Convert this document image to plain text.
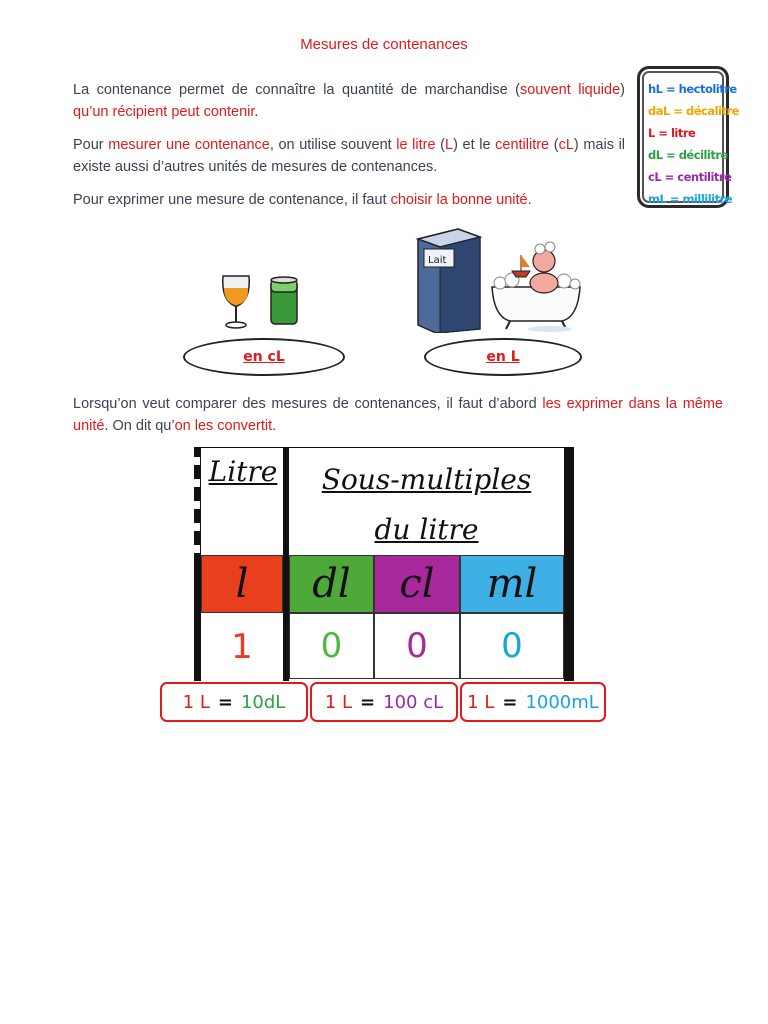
Mesures de contenances

La contenance permet de connaître la quantité de marchandise (souvent liquide) qu’un récipient peut contenir.

Pour mesurer une contenance, on utilise souvent le litre (L) et le centilitre (cL) mais il existe aussi d’autres unités de mesures de contenances.

Pour exprimer une mesure de contenance, il faut choisir la bonne unité.

hL = hectolitre
daL = décalitre
L = litre
dL = décilitre
cL = centilitre
mL = millilitre
en cL
Lait
en L

Lorsqu’on veut comparer des mesures de contenances, il faut d’abord les exprimer dans la même unité. On dit qu’on les convertit.

Litre	Sous-multiples du litre
l	dl	cl	ml
1	0	0	0
1 L = 10dL 1 L = 100 cL 1 L = 1000mL
